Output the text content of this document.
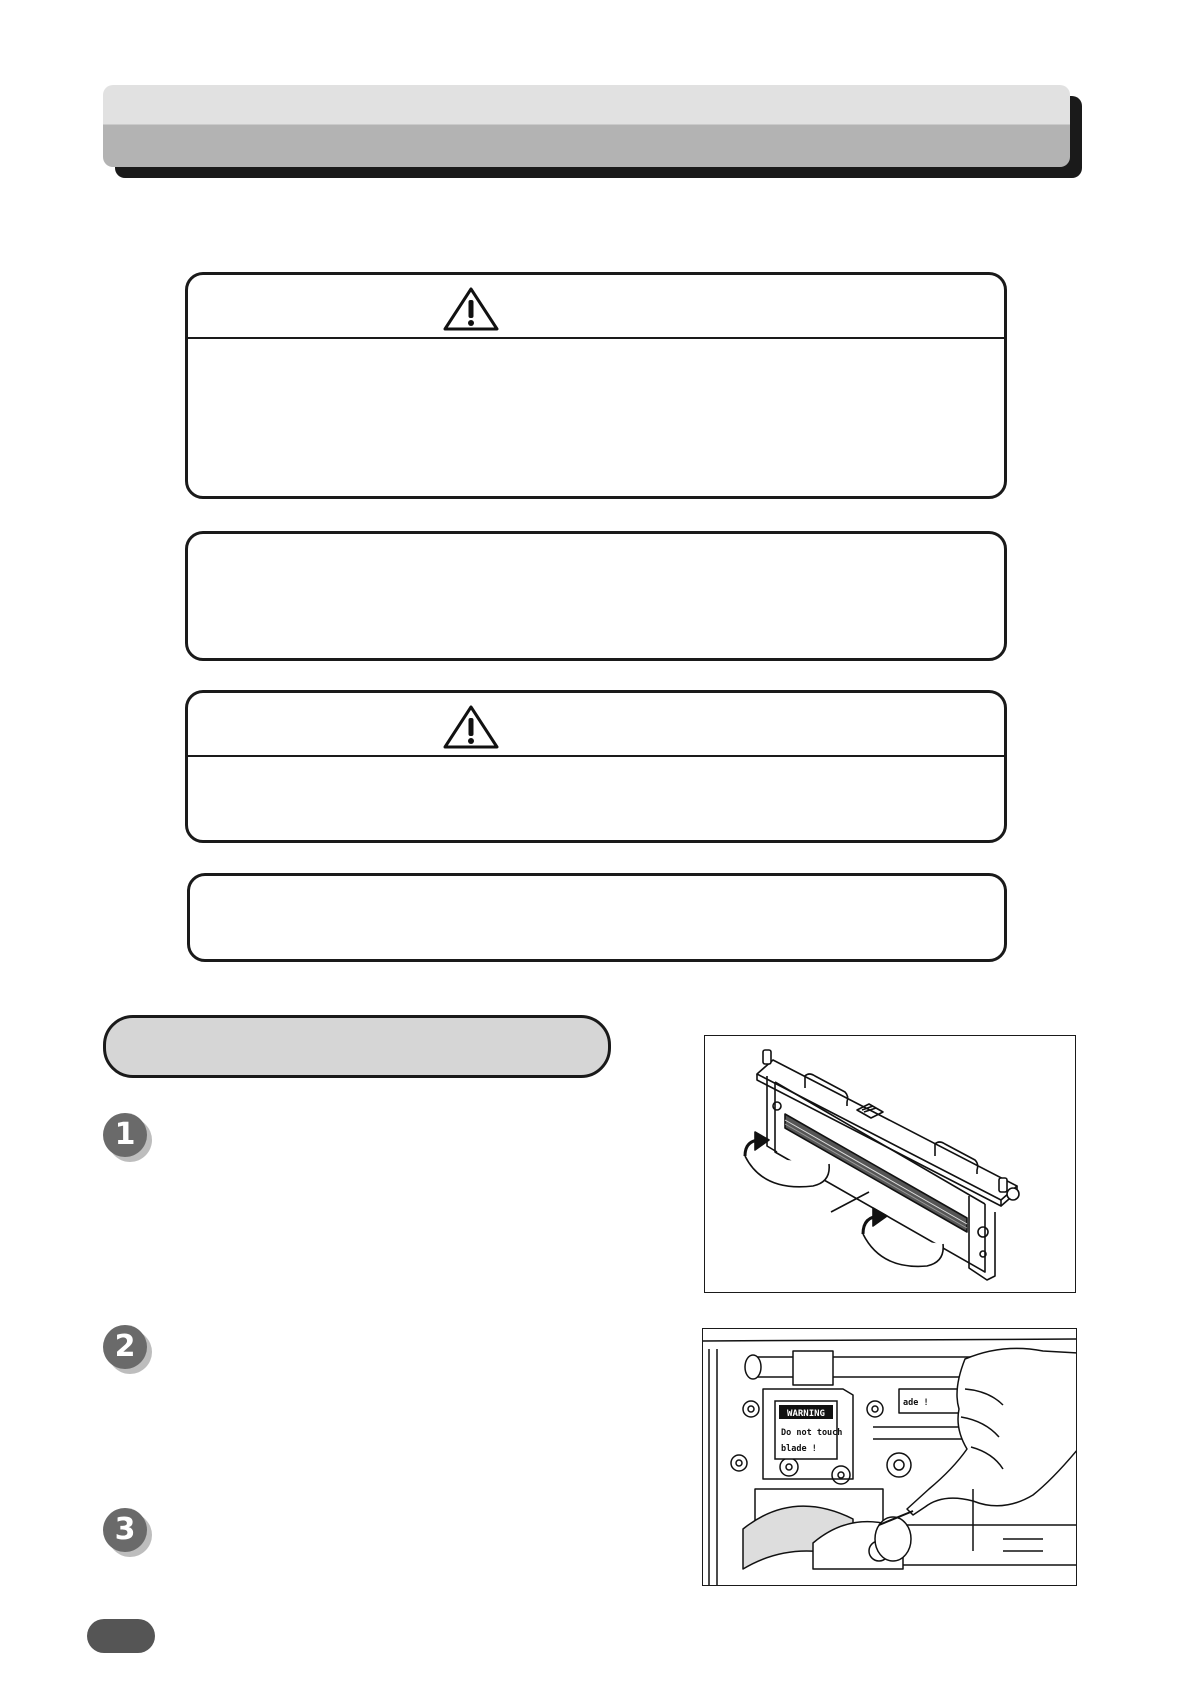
1
2
3
WARNING
Do not touch
blade !
ade !
